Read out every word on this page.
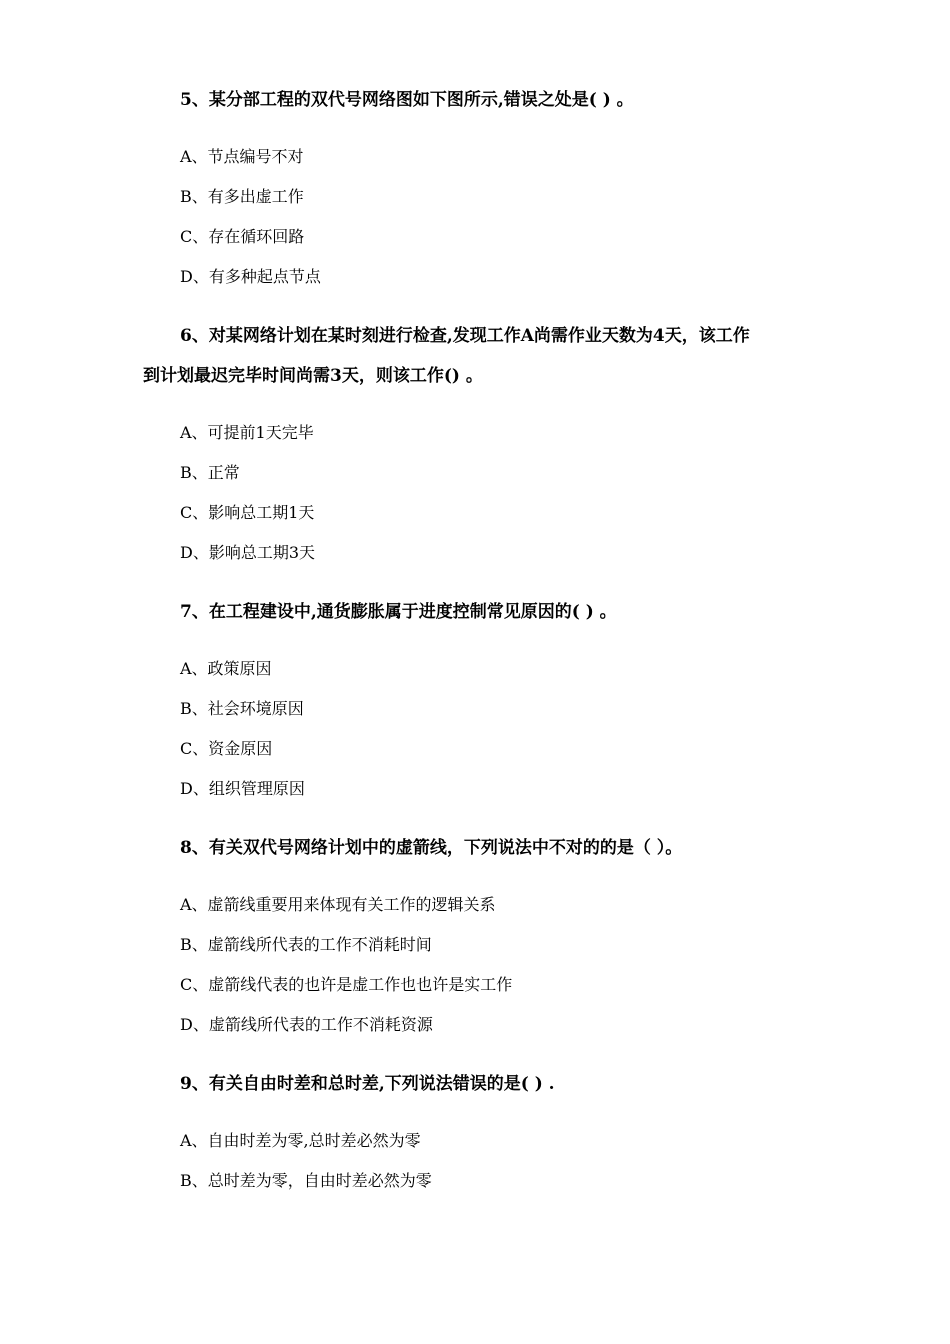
5、某分部工程的双代号网络图如下图所示,错误之处是( ) 。
A、节点编号不对
B、有多出虚工作
C、存在循环回路
D、有多种起点节点
6、对某网络计划在某时刻进行检查,发现工作A尚需作业天数为4天，该工作
到计划最迟完毕时间尚需3天，则该工作() 。
A、可提前1天完毕
B、正常
C、影响总工期1天
D、影响总工期3天
7、在工程建设中,通货膨胀属于进度控制常见原因的( ) 。
A、政策原因
B、社会环境原因
C、资金原因
D、组织管理原因
8、有关双代号网络计划中的虚箭线，下列说法中不对的的是（ ）。
A、虚箭线重要用来体现有关工作的逻辑关系
B、虚箭线所代表的工作不消耗时间
C、虚箭线代表的也许是虚工作也也许是实工作
D、虚箭线所代表的工作不消耗资源
9、有关自由时差和总时差,下列说法错误的是( ) .
A、自由时差为零,总时差必然为零
B、总时差为零，自由时差必然为零
